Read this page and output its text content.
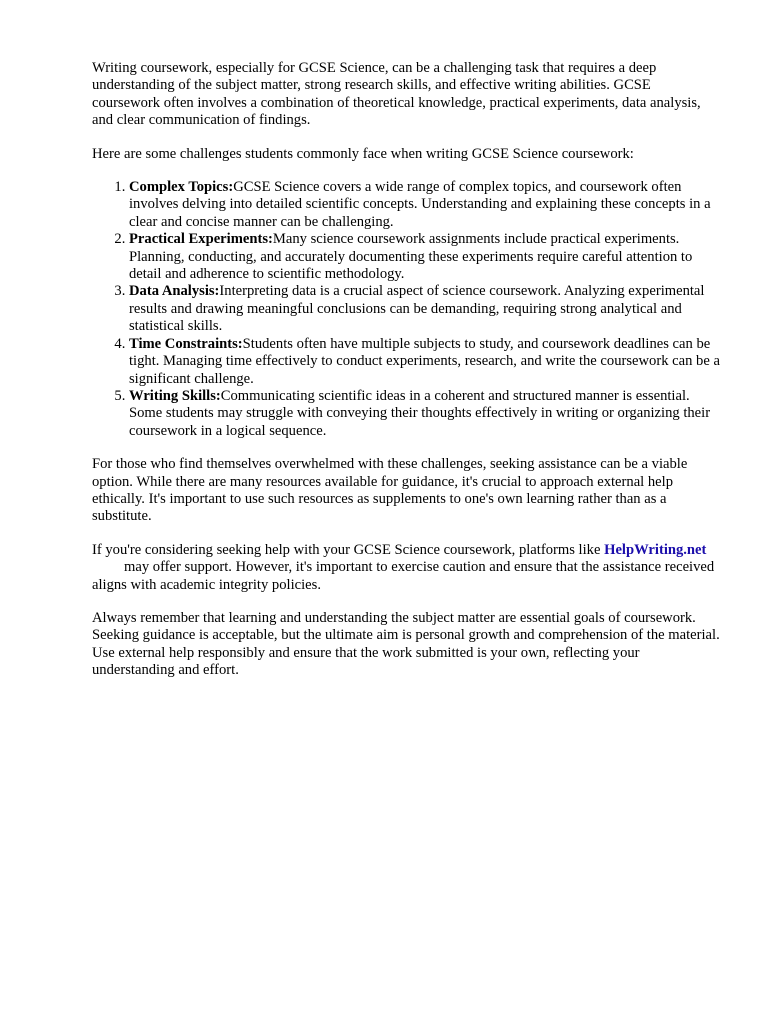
Writing coursework, especially for GCSE Science, can be a challenging task that requires a deep understanding of the subject matter, strong research skills, and effective writing abilities. GCSE coursework often involves a combination of theoretical knowledge, practical experiments, data analysis, and clear communication of findings.

Here are some challenges students commonly face when writing GCSE Science coursework:

1. Complex Topics:GCSE Science covers a wide range of complex topics, and coursework often involves delving into detailed scientific concepts. Understanding and explaining these concepts in a clear and concise manner can be challenging.
2. Practical Experiments:Many science coursework assignments include practical experiments. Planning, conducting, and accurately documenting these experiments require careful attention to detail and adherence to scientific methodology.
3. Data Analysis:Interpreting data is a crucial aspect of science coursework. Analyzing experimental results and drawing meaningful conclusions can be demanding, requiring strong analytical and statistical skills.
4. Time Constraints:Students often have multiple subjects to study, and coursework deadlines can be tight. Managing time effectively to conduct experiments, research, and write the coursework can be a significant challenge.
5. Writing Skills:Communicating scientific ideas in a coherent and structured manner is essential. Some students may struggle with conveying their thoughts effectively in writing or organizing their coursework in a logical sequence.

For those who find themselves overwhelmed with these challenges, seeking assistance can be a viable option. While there are many resources available for guidance, it's crucial to approach external help ethically. It's important to use such resources as supplements to one's own learning rather than as a substitute.

If you're considering seeking help with your GCSE Science coursework, platforms like HelpWriting.netmay offer support. However, it's important to exercise caution and ensure that the assistance received aligns with academic integrity policies.

Always remember that learning and understanding the subject matter are essential goals of coursework. Seeking guidance is acceptable, but the ultimate aim is personal growth and comprehension of the material. Use external help responsibly and ensure that the work submitted is your own, reflecting your understanding and effort.
